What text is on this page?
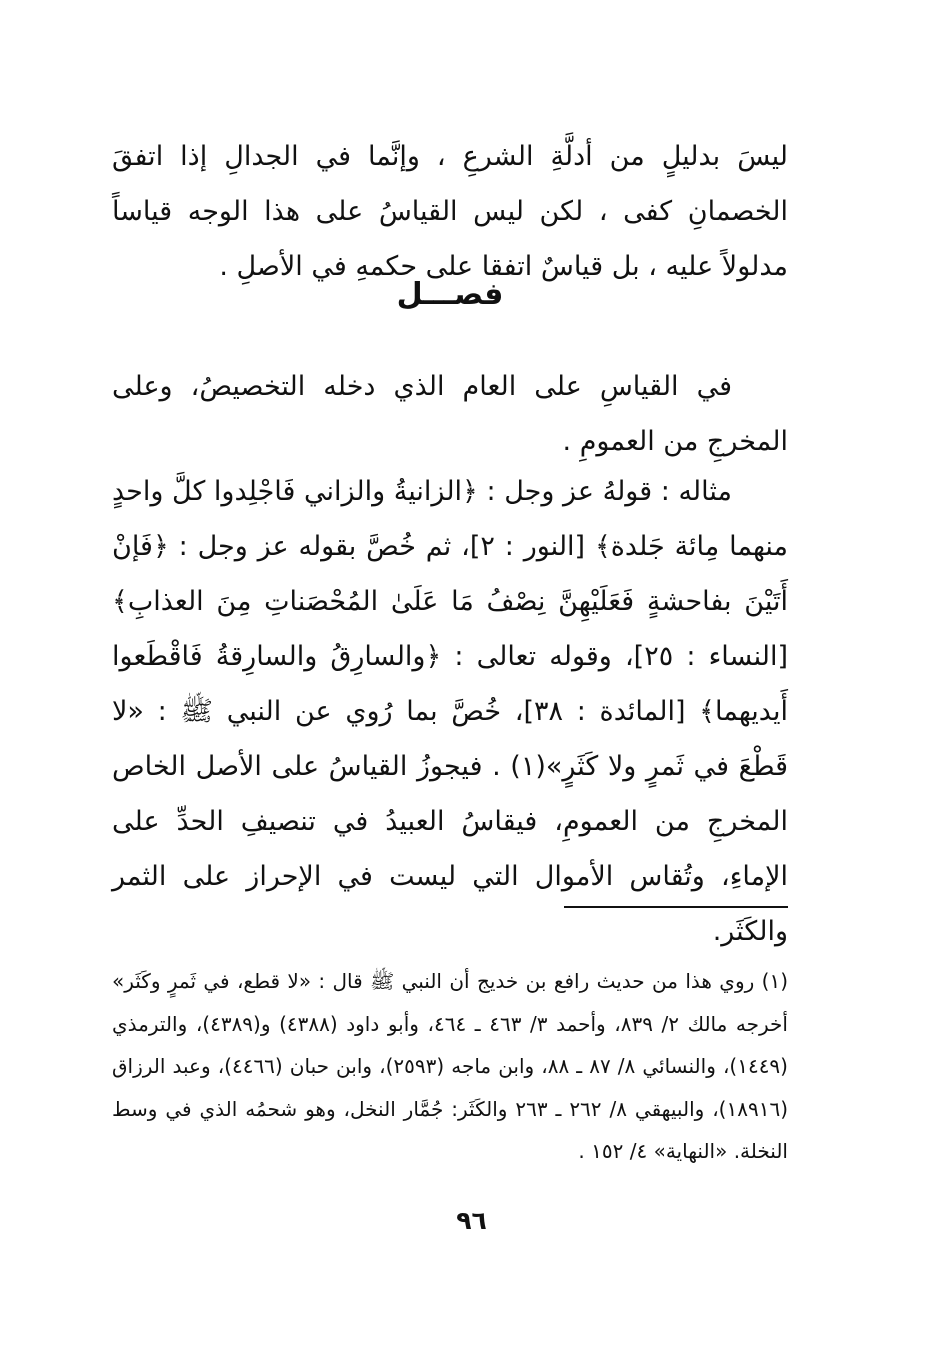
ليسَ بدليلٍ من أدلَّةِ الشرعِ ، وإنَّما في الجدالِ إذا اتفقَ الخصمانِ كفى ، لكن ليس القياسُ على هذا الوجه قياساً مدلولاً عليه ، بل قياسٌ اتفقا على حكمهِ في الأصلِ .

فصـــل

في القياسِ على العام الذي دخله التخصيصُ، وعلى المخرجِ من العمومِ .

مثاله : قولهُ عز وجل : ﴿الزانيةُ والزاني فَاجْلِدوا كلَّ واحدٍ منهما مِائة جَلدة﴾ [النور : ٢]، ثم خُصَّ بقوله عز وجل : ﴿فَإنْ أَتَيْنَ بفاحشةٍ فَعَلَيْهِنَّ نِصْفُ مَا عَلَىٰ المُحْصَناتِ مِنَ العذابِ﴾ [النساء : ٢٥]، وقوله تعالى : ﴿والسارِقُ والسارِقةُ فَاقْطَعوا أَيديهما﴾ [المائدة : ٣٨]، خُصَّ بما رُوي عن النبي ﷺ : «لا قَطْعَ في ثَمرٍ ولا كَثَرٍ»(١) . فيجوزُ القياسُ على الأصل الخاص المخرجِ من العمومِ، فيقاسُ العبيدُ في تنصيفِ الحدِّ على الإماءِ، وتُقاس الأموال التي ليست في الإحراز على الثمر والكَثَر.

(١) روي هذا من حديث رافع بن خديج أن النبي ﷺ قال : «لا قطع، في ثَمرٍ وكَثَر» أخرجه مالك ٢/ ٨٣٩، وأحمد ٣/ ٤٦٣ ـ ٤٦٤، وأبو داود (٤٣٨٨) و(٤٣٨٩)، والترمذي (١٤٤٩)، والنسائي ٨/ ٨٧ ـ ٨٨، وابن ماجه (٢٥٩٣)، وابن حبان (٤٤٦٦)، وعبد الرزاق (١٨٩١٦)، والبيهقي ٨/ ٢٦٢ ـ ٢٦٣ والكَثَر: جُمَّار النخل، وهو شحمُه الذي في وسط النخلة. «النهاية» ٤/ ١٥٢ .

٩٦
